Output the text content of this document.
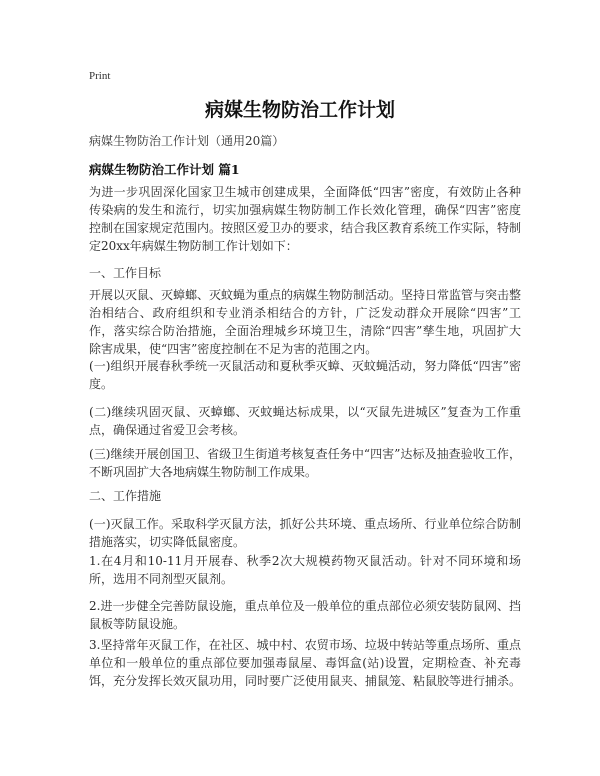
Print
病媒生物防治工作计划
病媒生物防治工作计划（通用20篇）
病媒生物防治工作计划 篇1

为进一步巩固深化国家卫生城市创建成果，全面降低“四害”密度，有效防止各种传染病的发生和流行，切实加强病媒生物防制工作长效化管理，确保“四害”密度控制在国家规定范围内。按照区爱卫办的要求，结合我区教育系统工作实际，特制定20xx年病媒生物防制工作计划如下：

一、工作目标

开展以灭鼠、灭蟑螂、灭蚊蝇为重点的病媒生物防制活动。坚持日常监管与突击整治相结合、政府组织和专业消杀相结合的方针，广泛发动群众开展除“四害”工作，落实综合防治措施，全面治理城乡环境卫生，清除“四害”孳生地，巩固扩大除害成果，使“四害”密度控制在不足为害的范围之内。

(一)组织开展春秋季统一灭鼠活动和夏秋季灭蟑、灭蚊蝇活动，努力降低“四害”密度。

(二)继续巩固灭鼠、灭蟑螂、灭蚊蝇达标成果，以“灭鼠先进城区”复查为工作重点，确保通过省爱卫会考核。

(三)继续开展创国卫、省级卫生街道考核复查任务中“四害”达标及抽查验收工作，不断巩固扩大各地病媒生物防制工作成果。

二、工作措施

(一)灭鼠工作。采取科学灭鼠方法，抓好公共环境、重点场所、行业单位综合防制措施落实，切实降低鼠密度。

1.在4月和10-11月开展春、秋季2次大规模药物灭鼠活动。针对不同环境和场所，选用不同剂型灭鼠剂。

2.进一步健全完善防鼠设施，重点单位及一般单位的重点部位必须安装防鼠网、挡鼠板等防鼠设施。

3.坚持常年灭鼠工作，在社区、城中村、农贸市场、垃圾中转站等重点场所、重点单位和一般单位的重点部位要加强毒鼠屋、毒饵盒(站)设置，定期检查、补充毒饵，充分发挥长效灭鼠功用，同时要广泛使用鼠夹、捕鼠笼、粘鼠胶等进行捕杀。
